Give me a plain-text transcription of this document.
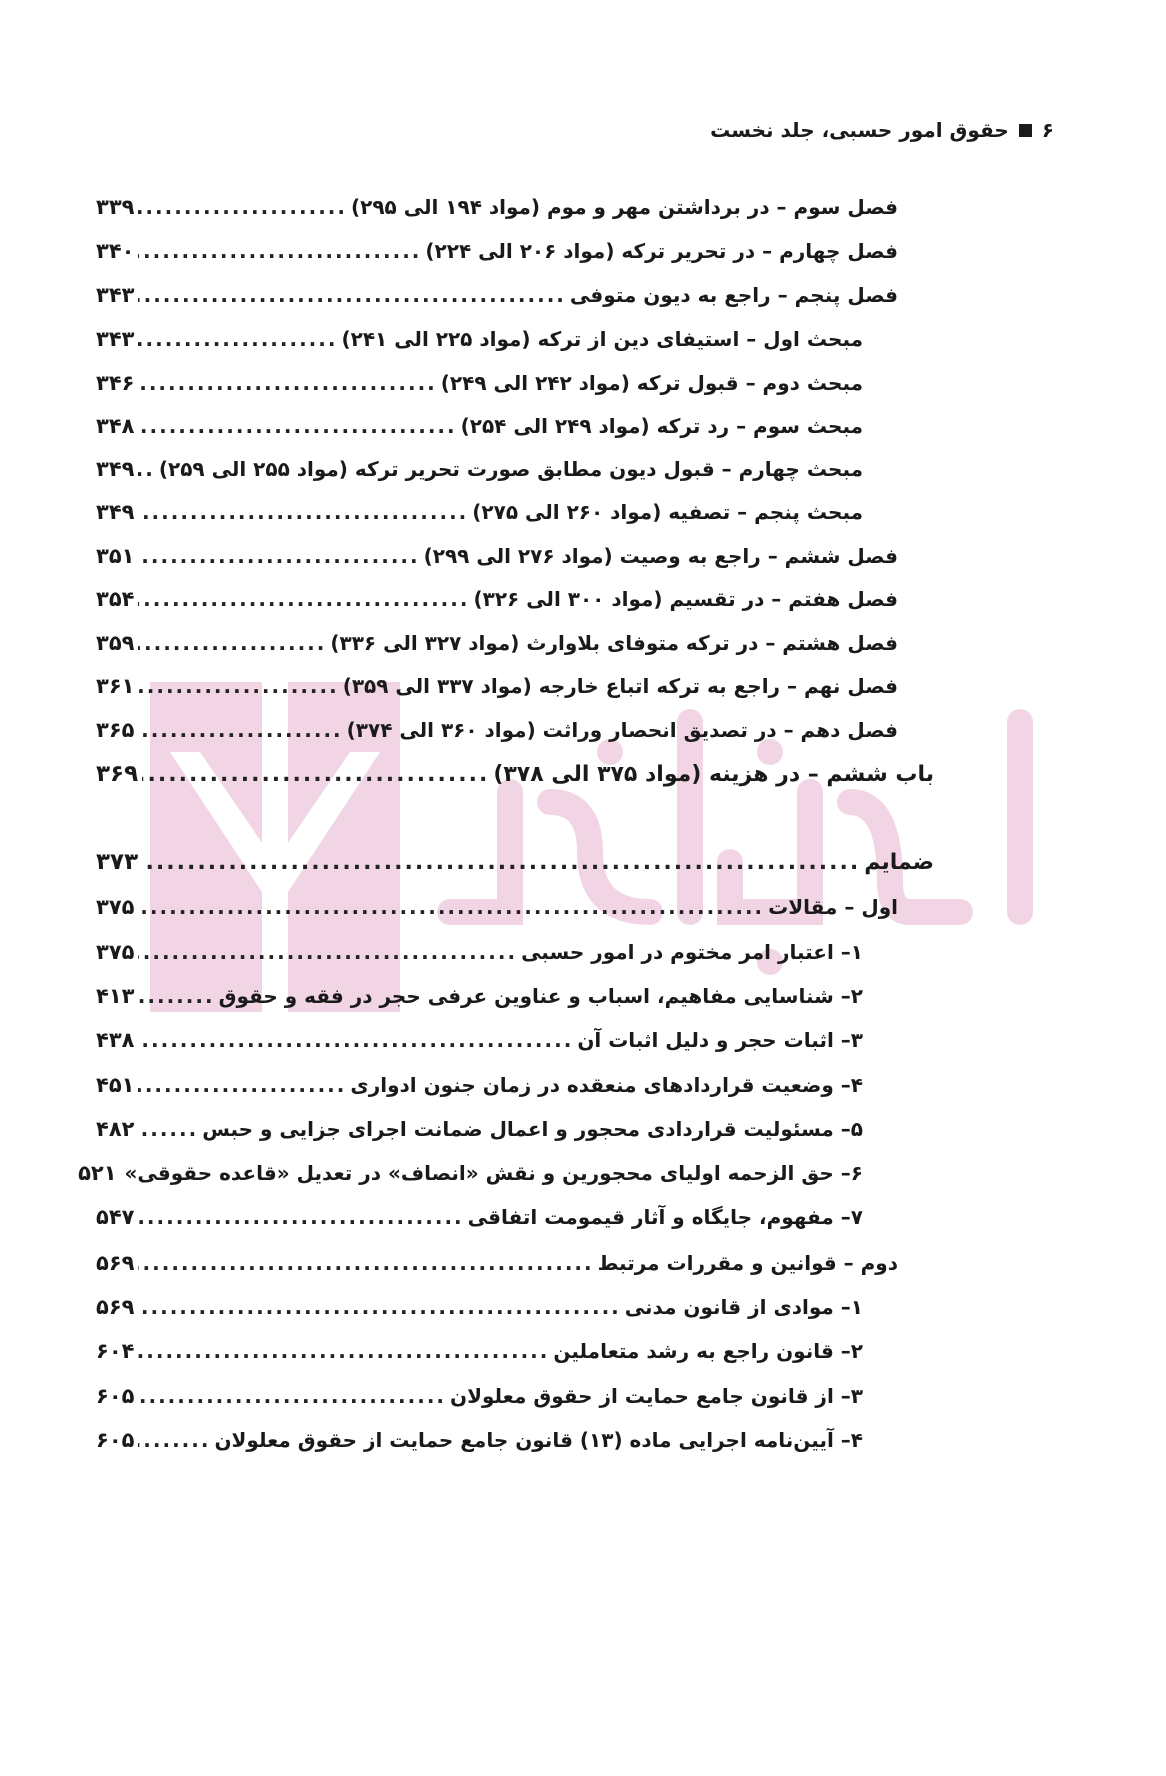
۶
حقوق امور حسبی، جلد نخست
فصل سوم – در برداشتن مهر و موم (مواد ۱۹۴ الی ۲۹۵)
.....
۳۳۹
فصل چهارم – در تحریر ترکه (مواد ۲۰۶ الی ۲۲۴)
.....
۳۴۰
فصل پنجم – راجع به دیون متوفی
.....
۳۴۳
مبحث اول – استیفای دین از ترکه (مواد ۲۲۵ الی ۲۴۱)
.....
۳۴۳
مبحث دوم – قبول ترکه (مواد ۲۴۲ الی ۲۴۹)
.....
۳۴۶
مبحث سوم – رد ترکه (مواد ۲۴۹ الی ۲۵۴)
.....
۳۴۸
مبحث چهارم – قبول دیون مطابق صورت تحریر ترکه (مواد ۲۵۵ الی ۲۵۹)
.....
۳۴۹
مبحث پنجم – تصفیه (مواد ۲۶۰ الی ۲۷۵)
.....
۳۴۹
فصل ششم – راجع به وصیت (مواد ۲۷۶ الی ۲۹۹)
.....
۳۵۱
فصل هفتم – در تقسیم (مواد ۳۰۰ الی ۳۲۶)
.....
۳۵۴
فصل هشتم – در ترکه متوفای بلاوارث (مواد ۳۲۷ الی ۳۳۶)
.....
۳۵۹
فصل نهم – راجع به ترکه اتباع خارجه (مواد ۳۳۷ الی ۳۵۹)
.....
۳۶۱
فصل دهم – در تصدیق انحصار وراثت (مواد ۳۶۰ الی ۳۷۴)
.....
۳۶۵
باب ششم – در هزینه (مواد ۳۷۵ الی ۳۷۸)
.....
۳۶۹
ضمایم
.....
۳۷۳
اول – مقالات
.....
۳۷۵
۱– اعتبار امر مختوم در امور حسبی
.....
۳۷۵
۲– شناسایی مفاهیم، اسباب و عناوین عرفی حجر در فقه و حقوق
.....
۴۱۳
۳– اثبات حجر و دلیل اثبات آن
.....
۴۳۸
۴– وضعیت قراردادهای منعقده در زمان جنون ادواری
.....
۴۵۱
۵– مسئولیت قراردادی محجور و اعمال ضمانت اجرای جزایی و حبس
.....
۴۸۲
۶– حق الزحمه اولیای محجورین و نقش «انصاف» در تعدیل «قاعده حقوقی»
۵۲۱
۷– مفهوم، جایگاه و آثار قیمومت اتفاقی
.....
۵۴۷
دوم – قوانین و مقررات مرتبط
.....
۵۶۹
۱– موادی از قانون مدنی
.....
۵۶۹
۲– قانون راجع به رشد متعاملین
.....
۶۰۴
۳– از قانون جامع حمایت از حقوق معلولان
.....
۶۰۵
۴– آیین‌نامه اجرایی ماده (۱۳) قانون جامع حمایت از حقوق معلولان
.....
۶۰۵
